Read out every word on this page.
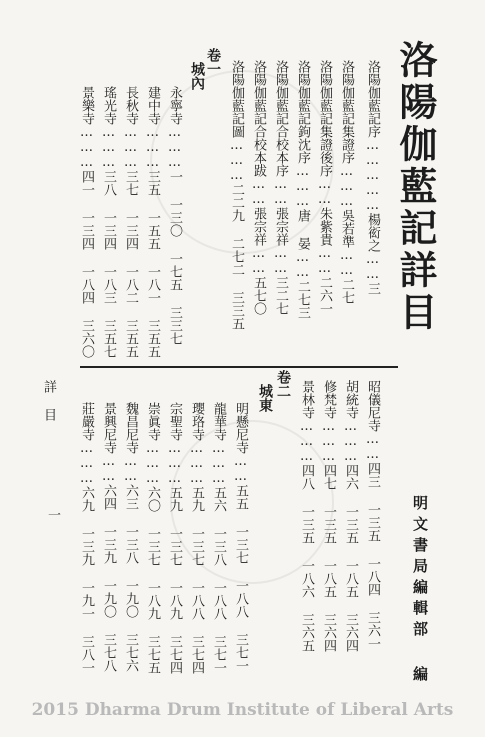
洛陽伽藍記詳目
明文書局編輯部 編
洛陽伽藍記序……………楊衒之……三
洛陽伽藍記集證序………吳若準……二七
洛陽伽藍記集證後序……朱紫貴……二六一
洛陽伽藍記鉤沈序………唐 晏……二七三
洛陽伽藍記合校本序……張宗祥……三二七
洛陽伽藍記合校本跋……張宗祥……五七〇
洛陽伽藍記圖………二二九 二七二 三三五
卷一
城內
永寧寺………一 一三〇 一七五 三三七
建中寺………三五 一五五 一八一 三五五
長秋寺………三七 一三四 一八二 三五五
瑤光寺………三八 一三四 一八三 三五七
景樂寺………四一 一三四 一八四 三六〇
詳 目
一	昭儀尼寺……四三 一三五 一八四 三六一
胡統寺………四六 一三五 一八五 三六四
修梵寺………四七 一三五 一八五 三六四
景林寺………四八 一三五 一八六 三六五
卷二
城東
明懸尼寺……五五 一三七 一八八 三七一
龍華寺………五六 一三八 一八八 三七一
瓔珞寺………五九 一三七 一八八 三七四
宗聖寺………五九 一三七 一八九 三七四
崇眞寺………六〇 一三七 一八九 三七五
魏昌尼寺……六三 一三八 一九〇 三七六
景興尼寺……六四 一三九 一九〇 三七八
莊嚴寺………六九 一三九 一九一 三八一
2015 Dharma Drum Institute of Liberal Arts
